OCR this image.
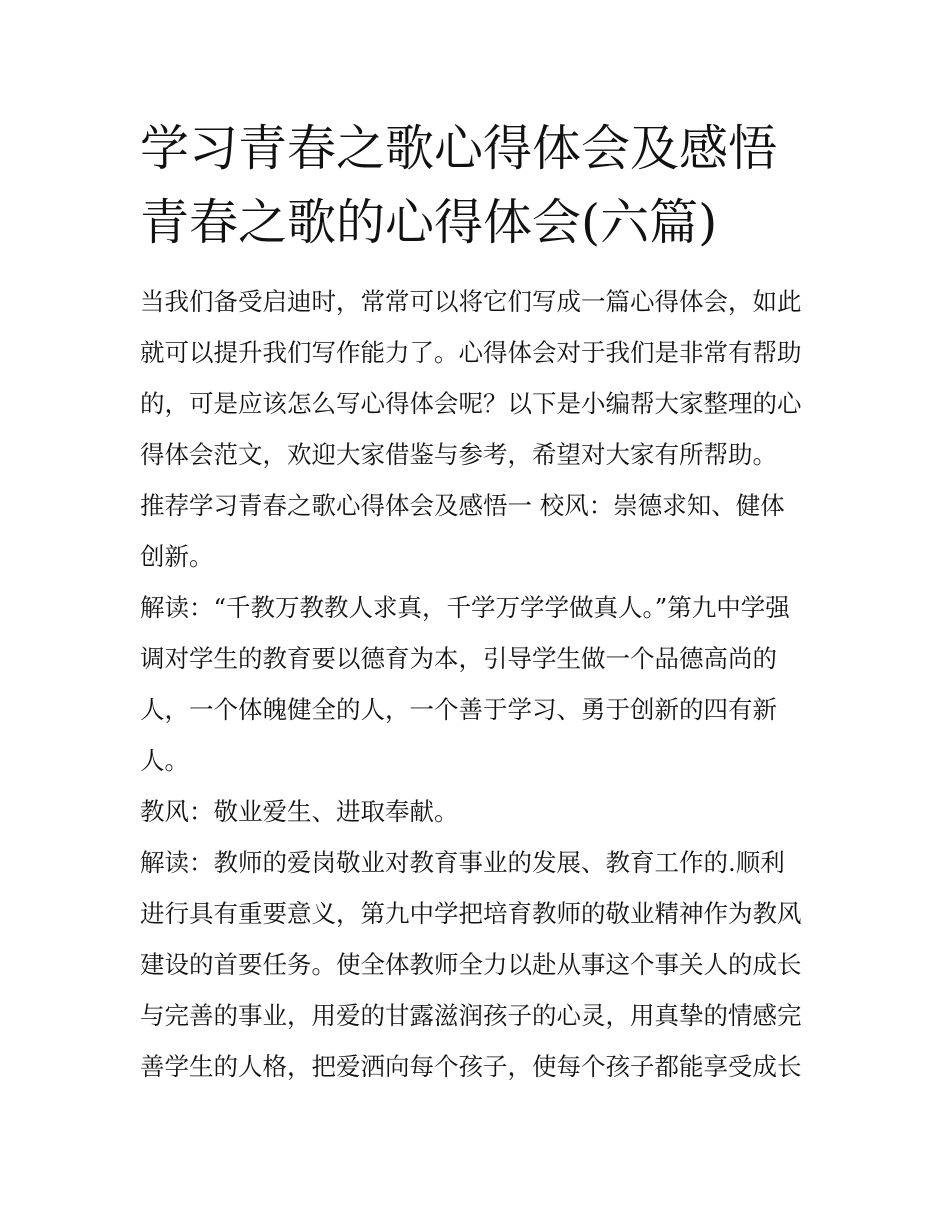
学习青春之歌心得体会及感悟
青春之歌的心得体会(六篇)

当我们备受启迪时，常常可以将它们写成一篇心得体会，如此
就可以提升我们写作能力了。心得体会对于我们是非常有帮助
的，可是应该怎么写心得体会呢？以下是小编帮大家整理的心
得体会范文，欢迎大家借鉴与参考，希望对大家有所帮助。

推荐学习青春之歌心得体会及感悟一 校风：崇德求知、健体
创新。

解读：“千教万教教人求真，千学万学学做真人。”第九中学强
调对学生的教育要以德育为本，引导学生做一个品德高尚的
人，一个体魄健全的人，一个善于学习、勇于创新的四有新
人。

教风：敬业爱生、进取奉献。

解读：教师的爱岗敬业对教育事业的发展、教育工作的.顺利
进行具有重要意义，第九中学把培育教师的敬业精神作为教风
建设的首要任务。使全体教师全力以赴从事这个事关人的成长
与完善的事业，用爱的甘露滋润孩子的心灵，用真挚的情感完
善学生的人格，把爱洒向每个孩子，使每个孩子都能享受成长
